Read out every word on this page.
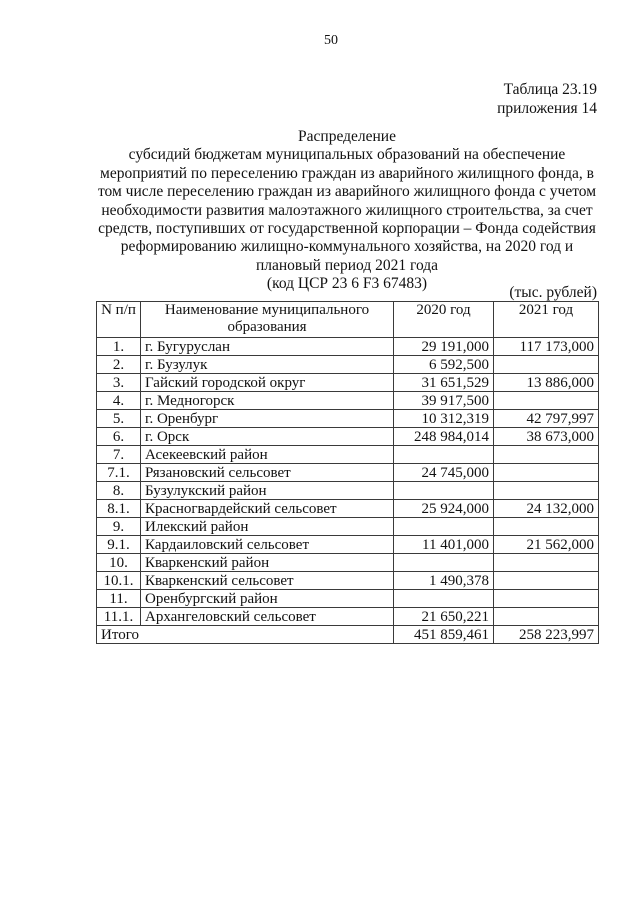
50
Таблица 23.19
приложения 14
Распределение
субсидий бюджетам муниципальных образований на обеспечение
мероприятий по переселению граждан из аварийного жилищного фонда, в
том числе переселению граждан из аварийного жилищного фонда с учетом
необходимости развития малоэтажного жилищного строительства, за счет
средств, поступивших от государственной корпорации – Фонда содействия
реформированию жилищно-коммунального хозяйства, на 2020 год и
плановый период 2021 года
(код ЦСР 23 6 F3 67483)
(тыс. рублей)
N п/п	Наименование муниципального образования	2020 год	2021 год
1.	г. Бугуруслан	29 191,000	117 173,000
2.	г. Бузулук	6 592,500	
3.	Гайский городской округ	31 651,529	13 886,000
4.	г. Медногорск	39 917,500	
5.	г. Оренбург	10 312,319	42 797,997
6.	г. Орск	248 984,014	38 673,000
7.	Асекеевский район		
7.1.	Рязановский сельсовет	24 745,000	
8.	Бузулукский район		
8.1.	Красногвардейский сельсовет	25 924,000	24 132,000
9.	Илекский район		
9.1.	Кардаиловский сельсовет	11 401,000	21 562,000
10.	Кваркенский район		
10.1.	Кваркенский сельсовет	1 490,378	
11.	Оренбургский район		
11.1.	Архангеловский сельсовет	21 650,221	
Итого		451 859,461	258 223,997
